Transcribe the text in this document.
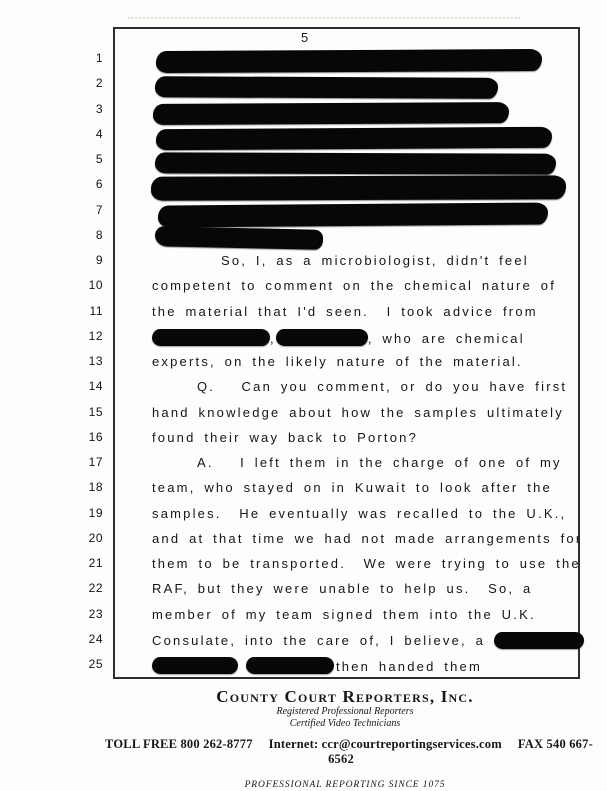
5
1
2
3
4
5
6
7
8
9	So, I, as a microbiologist, didn't feel
10	competent to comment on the chemical nature of
11	the material that I'd seen.  I took advice from
12	,	, who are chemical
13	experts, on the likely nature of the material.
14	Q.   Can you comment, or do you have first
15	hand knowledge about how the samples ultimately
16	found their way back to Porton?
17	A.   I left them in the charge of one of my
18	team, who stayed on in Kuwait to look after the
19	samples.  He eventually was recalled to the U.K.,
20	and at that time we had not made arrangements for
21	them to be transported.  We were trying to use the
22	RAF, but they were unable to help us.  So, a
23	member of my team signed them into the U.K.
24	Consulate, into the care of, I believe, a
25	then handed them
County Court Reporters, Inc.
Registered Professional Reporters
Certified Video Technicians
TOLL FREE 800 262-8777 Internet: ccr@courtreportingservices.com FAX 540 667-6562
PROFESSIONAL REPORTING SINCE 1075
